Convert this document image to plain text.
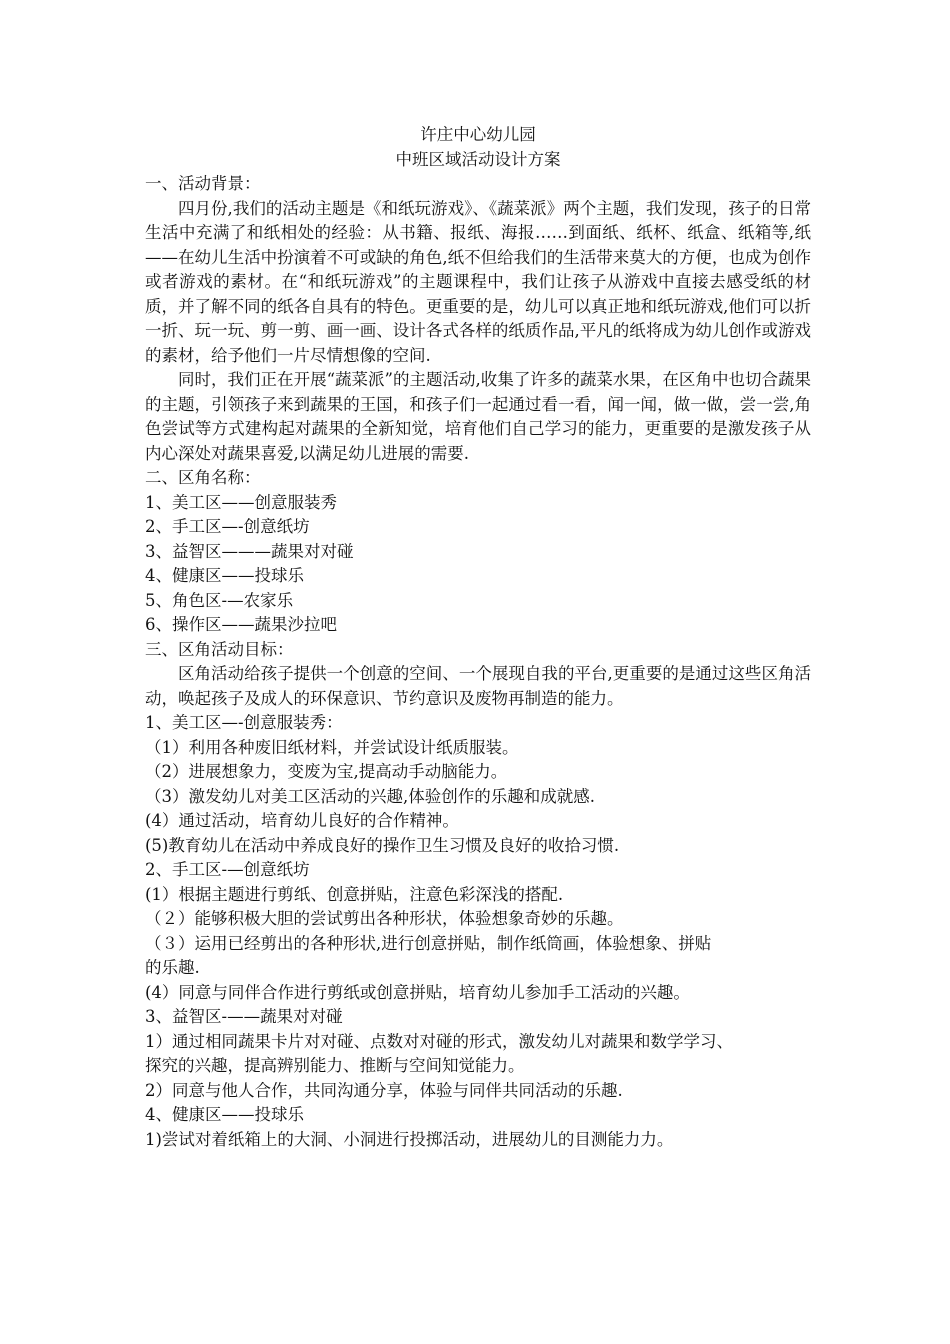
许庄中心幼儿园

中班区域活动设计方案

一、活动背景：

四月份,我们的活动主题是《和纸玩游戏》、《蔬菜派》两个主题，我们发现，孩子的日常生活中充满了和纸相处的经验：从书籍、报纸、海报……到面纸、纸杯、纸盒、纸箱等,纸——在幼儿生活中扮演着不可或缺的角色,纸不但给我们的生活带来莫大的方便，也成为创作或者游戏的素材。在“和纸玩游戏”的主题课程中，我们让孩子从游戏中直接去感受纸的材质，并了解不同的纸各自具有的特色。更重要的是，幼儿可以真正地和纸玩游戏,他们可以折一折、玩一玩、剪一剪、画一画、设计各式各样的纸质作品,平凡的纸将成为幼儿创作或游戏的素材，给予他们一片尽情想像的空间.

同时，我们正在开展“蔬菜派”的主题活动,收集了许多的蔬菜水果，在区角中也切合蔬果的主题，引领孩子来到蔬果的王国，和孩子们一起通过看一看，闻一闻，做一做，尝一尝,角色尝试等方式建构起对蔬果的全新知觉，培育他们自己学习的能力，更重要的是激发孩子从内心深处对蔬果喜爱,以满足幼儿进展的需要.

二、区角名称：

1、美工区——创意服装秀

2、手工区—-创意纸坊

3、益智区———蔬果对对碰

4、健康区——投球乐

5、角色区-—农家乐

6、操作区——蔬果沙拉吧

三、区角活动目标：

区角活动给孩子提供一个创意的空间、一个展现自我的平台,更重要的是通过这些区角活动，唤起孩子及成人的环保意识、节约意识及废物再制造的能力。

1、美工区—-创意服装秀：

（1）利用各种废旧纸材料，并尝试设计纸质服装。

（2）进展想象力，变废为宝,提高动手动脑能力。

（3）激发幼儿对美工区活动的兴趣,体验创作的乐趣和成就感.

(4）通过活动，培育幼儿良好的合作精神。

(5)教育幼儿在活动中养成良好的操作卫生习惯及良好的收拾习惯.

2、手工区-—创意纸坊

(1）根据主题进行剪纸、创意拼贴，注意色彩深浅的搭配.

（２）能够积极大胆的尝试剪出各种形状，体验想象奇妙的乐趣。

（３）运用已经剪出的各种形状,进行创意拼贴，制作纸筒画，体验想象、拼贴

的乐趣.

(4）同意与同伴合作进行剪纸或创意拼贴，培育幼儿参加手工活动的兴趣。

3、益智区-——蔬果对对碰

1）通过相同蔬果卡片对对碰、点数对对碰的形式，激发幼儿对蔬果和数学学习、

探究的兴趣，提高辨别能力、推断与空间知觉能力。

2）同意与他人合作，共同沟通分享，体验与同伴共同活动的乐趣.

4、健康区——投球乐

1)尝试对着纸箱上的大洞、小洞进行投掷活动，进展幼儿的目测能力力。
